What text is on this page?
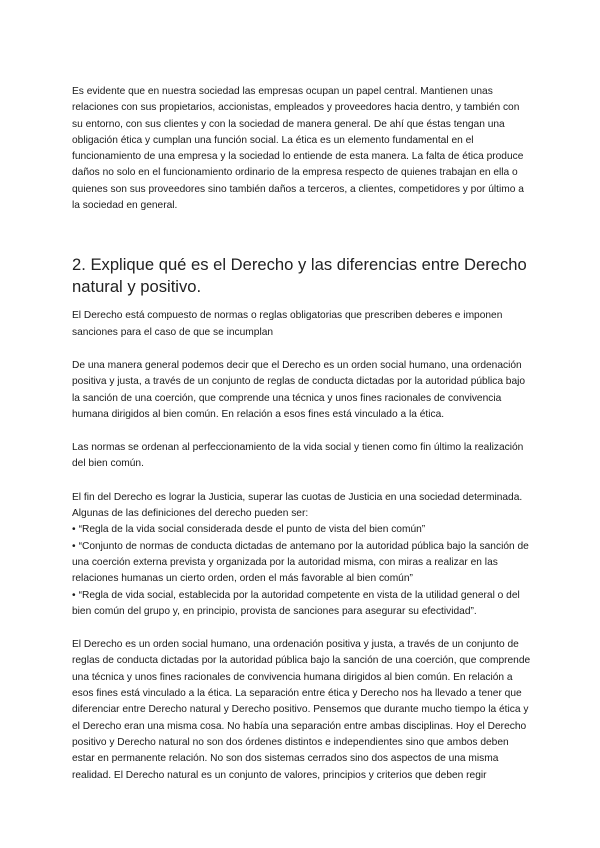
Es evidente que en nuestra sociedad las empresas ocupan un papel central. Mantienen unas relaciones con sus propietarios, accionistas, empleados y proveedores hacia dentro, y también con su entorno, con sus clientes y con la sociedad de manera general. De ahí que éstas tengan una obligación ética y cumplan una función social. La ética es un elemento fundamental en el funcionamiento de una empresa y la sociedad lo entiende de esta manera. La falta de ética produce daños no solo en el funcionamiento ordinario de la empresa respecto de quienes trabajan en ella o quienes son sus proveedores sino también daños a terceros, a clientes, competidores y por último a la sociedad en general.

2. Explique qué es el Derecho y las diferencias entre Derecho natural y positivo.

El Derecho está compuesto de normas o reglas obligatorias que prescriben deberes e imponen sanciones para el caso de que se incumplan

De una manera general podemos decir que el Derecho es un orden social humano, una ordenación positiva y justa, a través de un conjunto de reglas de conducta dictadas por la autoridad pública bajo la sanción de una coerción, que comprende una técnica y unos fines racionales de convivencia humana dirigidos al bien común. En relación a esos fines está vinculado a la ética.

Las normas se ordenan al perfeccionamiento de la vida social y tienen como fin último la realización del bien común.

El fin del Derecho es lograr la Justicia, superar las cuotas de Justicia en una sociedad determinada. Algunas de las definiciones del derecho pueden ser:

• “Regla de la vida social considerada desde el punto de vista del bien común”
• “Conjunto de normas de conducta dictadas de antemano por la autoridad pública bajo la sanción de una coerción externa prevista y organizada por la autoridad misma, con miras a realizar en las relaciones humanas un cierto orden, orden el más favorable al bien común”
• “Regla de vida social, establecida por la autoridad competente en vista de la utilidad general o del bien común del grupo y, en principio, provista de sanciones para asegurar su efectividad”.

El Derecho es un orden social humano, una ordenación positiva y justa, a través de un conjunto de reglas de conducta dictadas por la autoridad pública bajo la sanción de una coerción, que comprende una técnica y unos fines racionales de convivencia humana dirigidos al bien común. En relación a esos fines está vinculado a la ética. La separación entre ética y Derecho nos ha llevado a tener que diferenciar entre Derecho natural y Derecho positivo. Pensemos que durante mucho tiempo la ética y el Derecho eran una misma cosa. No había una separación entre ambas disciplinas. Hoy el Derecho positivo y Derecho natural no son dos órdenes distintos e independientes sino que ambos deben estar en permanente relación. No son dos sistemas cerrados sino dos aspectos de una misma realidad. El Derecho natural es un conjunto de valores, principios y criterios que deben regir
